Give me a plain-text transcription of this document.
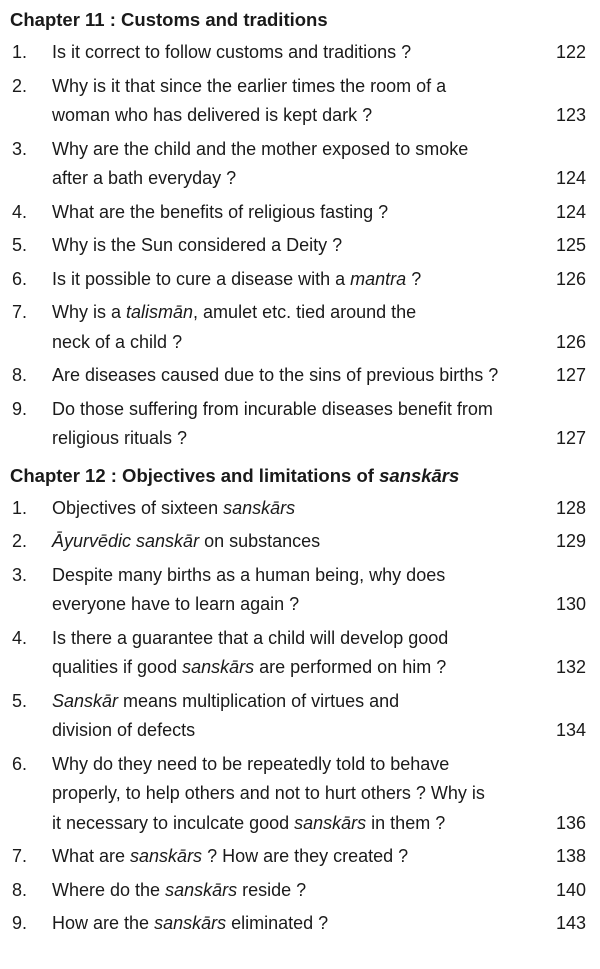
Chapter 11 : Customs and traditions
1.	Is it correct to follow customs and traditions ?	122
2.	Why is it that since the earlier times the room of a
woman who has delivered is kept dark ?	123
3.	Why are the child and the mother exposed to smoke
after a bath everyday ?	124
4.	What are the benefits of religious fasting ?	124
5.	Why is the Sun considered a Deity ?	125
6.	Is it possible to cure a disease with a mantra ?	126
7.	Why is a talismān, amulet etc. tied around the
neck of a child ?	126
8.	Are diseases caused due to the sins of previous births ?	127
9.	Do those suffering from incurable diseases benefit from
religious rituals ?	127
Chapter 12 : Objectives and limitations of sanskārs
1.	Objectives of sixteen sanskārs	128
2.	Āyurvēdic sanskār on substances	129
3.	Despite many births as a human being, why does
everyone have to learn again ?	130
4.	Is there a guarantee that a child will develop good
qualities if good sanskārs are performed on him ?	132
5.	Sanskār means multiplication of virtues and
division of defects	134
6.	Why do they need to be repeatedly told to behave
properly, to help others and not to hurt others ? Why is
it necessary to inculcate good sanskārs in them ?	136
7.	What are sanskārs ? How are they created ?	138
8.	Where do the sanskārs reside ?	140
9.	How are the sanskārs eliminated ?	143
